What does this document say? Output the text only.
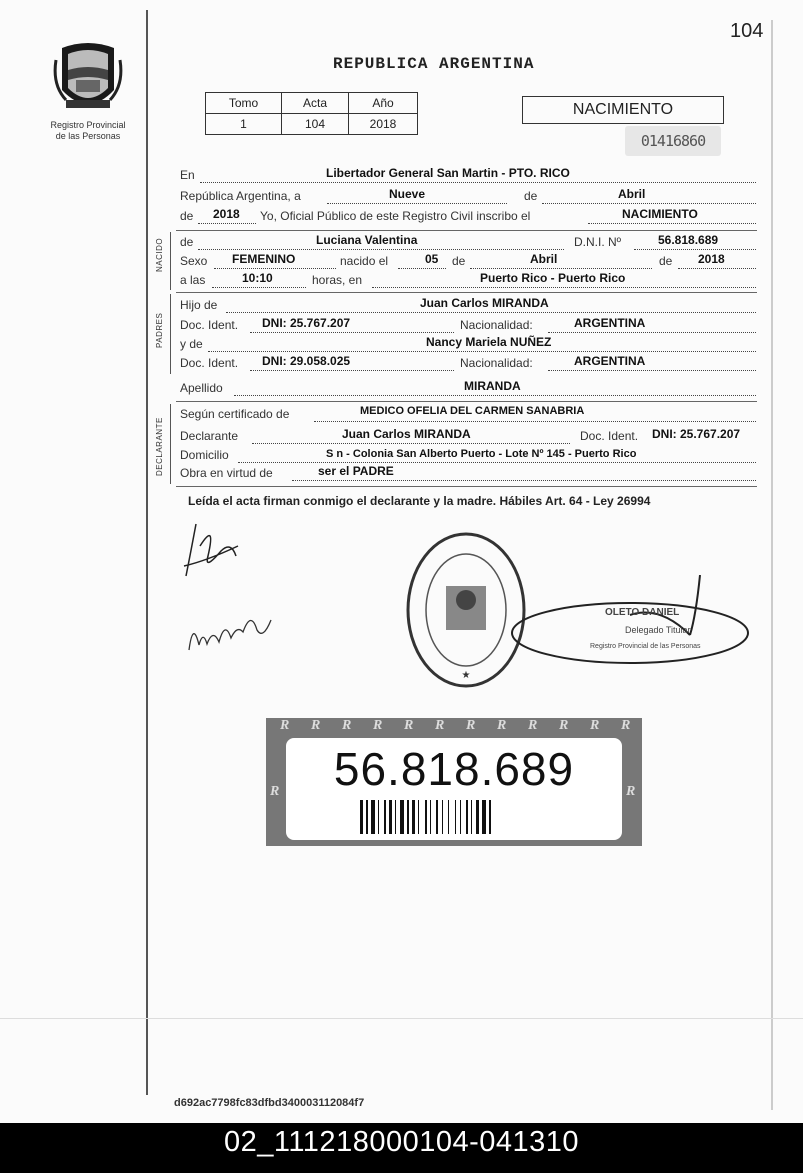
104
Registro Provincial
de las Personas
REPUBLICA ARGENTINA
Tomo	Acta	Año
1	104	2018
NACIMIENTO
01416860
NACIDO
PADRES
DECLARANTE
En	Libertador General San Martin - PTO. RICO
República Argentina, a	Nueve	de	Abril
de 2018 Yo, Oficial Público de este Registro Civil inscribo el	NACIMIENTO
de	Luciana Valentina	D.N.I. Nº	56.818.689
Sexo FEMENINO	nacido el	05 de	Abril	de 2018
a las	10:10	horas, en	Puerto Rico - Puerto Rico
Hijo de	Juan Carlos MIRANDA
Doc. Ident. DNI: 25.767.207	Nacionalidad:	ARGENTINA
y de	Nancy Mariela NUÑEZ
Doc. Ident. DNI: 29.058.025	Nacionalidad:	ARGENTINA
Apellido	MIRANDA
Según certificado de	MEDICO OFELIA DEL CARMEN SANABRIA
Declarante	Juan Carlos MIRANDA	Doc. Ident. DNI: 25.767.207
Domicilio	S n - Colonia San Alberto Puerto - Lote Nº 145 - Puerto Rico
Obra en virtud de	ser el PADRE
Leída el acta firman conmigo el declarante y la madre. Hábiles Art. 64 - Ley 26994
★
OLETO DANIEL
Delegado Titular
Registro Provincial de las Personas
R R R R R R R R R R R R
R	R
56.818.689
d692ac7798fc83dfbd340003112084f7
02_111218000104-041310
